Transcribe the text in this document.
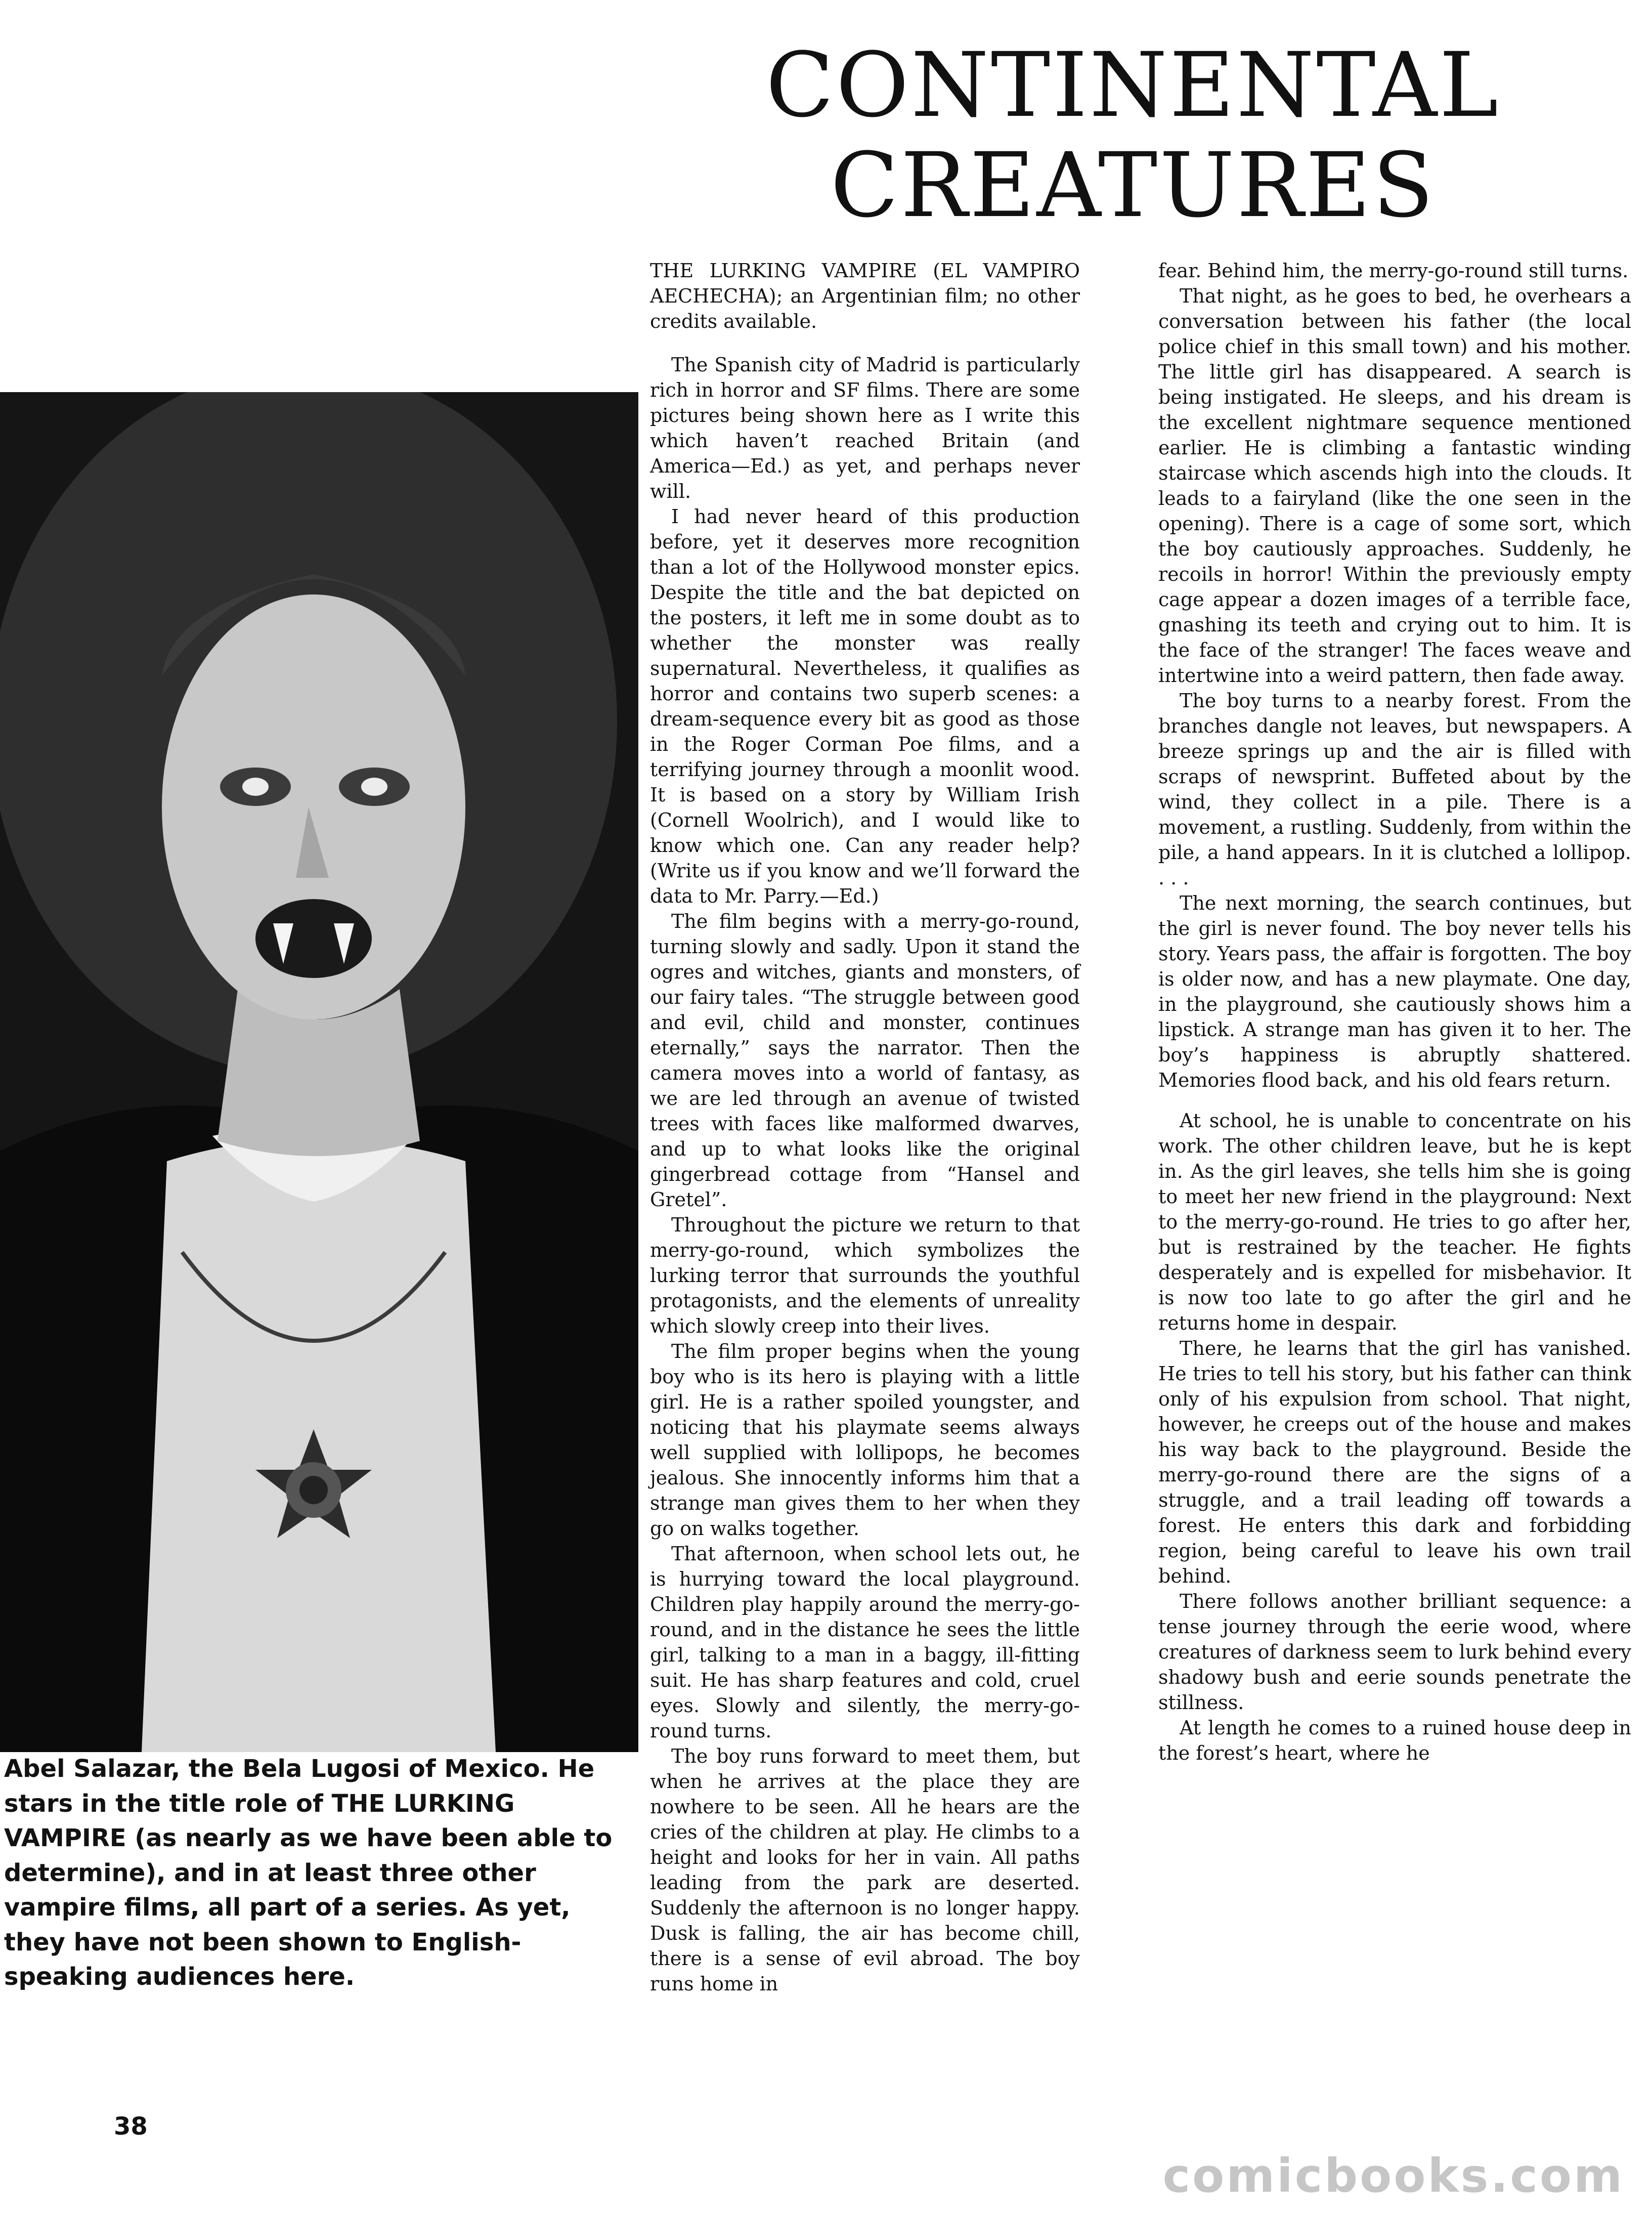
CONTINENTAL
CREATURES

Abel Salazar, the Bela Lugosi of Mexico. He stars in the title role of THE LURKING VAMPIRE (as nearly as we have been able to determine), and in at least three other vampire films, all part of a series. As yet, they have not been shown to English-speaking audiences here.

THE LURKING VAMPIRE (EL VAMPIRO AECHECHA); an Argentinian film; no other credits available.

The Spanish city of Madrid is particularly rich in horror and SF films. There are some pictures being shown here as I write this which haven’t reached Britain (and America—Ed.) as yet, and perhaps never will.

I had never heard of this production before, yet it deserves more recognition than a lot of the Hollywood monster epics. Despite the title and the bat depicted on the posters, it left me in some doubt as to whether the monster was really supernatural. Nevertheless, it qualifies as horror and contains two superb scenes: a dream-sequence every bit as good as those in the Roger Corman Poe films, and a terrifying journey through a moonlit wood. It is based on a story by William Irish (Cornell Woolrich), and I would like to know which one. Can any reader help? (Write us if you know and we’ll forward the data to Mr. Parry.—Ed.)

The film begins with a merry-go-round, turning slowly and sadly. Upon it stand the ogres and witches, giants and monsters, of our fairy tales. “The struggle between good and evil, child and monster, continues eternally,” says the narrator. Then the camera moves into a world of fantasy, as we are led through an avenue of twisted trees with faces like malformed dwarves, and up to what looks like the original gingerbread cottage from “Hansel and Gretel”.

Throughout the picture we return to that merry-go-round, which symbolizes the lurking terror that surrounds the youthful protagonists, and the elements of unreality which slowly creep into their lives.

The film proper begins when the young boy who is its hero is playing with a little girl. He is a rather spoiled youngster, and noticing that his playmate seems always well supplied with lollipops, he becomes jealous. She innocently informs him that a strange man gives them to her when they go on walks together.

That afternoon, when school lets out, he is hurrying toward the local playground. Children play happily around the merry-go-round, and in the distance he sees the little girl, talking to a man in a baggy, ill-fitting suit. He has sharp features and cold, cruel eyes. Slowly and silently, the merry-go-round turns.

The boy runs forward to meet them, but when he arrives at the place they are nowhere to be seen. All he hears are the cries of the children at play. He climbs to a height and looks for her in vain. All paths leading from the park are deserted. Suddenly the afternoon is no longer happy. Dusk is falling, the air has become chill, there is a sense of evil abroad. The boy runs home in

fear. Behind him, the merry-go-round still turns.

That night, as he goes to bed, he overhears a conversation between his father (the local police chief in this small town) and his mother. The little girl has disappeared. A search is being instigated. He sleeps, and his dream is the excellent nightmare sequence mentioned earlier. He is climbing a fantastic winding staircase which ascends high into the clouds. It leads to a fairyland (like the one seen in the opening). There is a cage of some sort, which the boy cautiously approaches. Suddenly, he recoils in horror! Within the previously empty cage appear a dozen images of a terrible face, gnashing its teeth and crying out to him. It is the face of the stranger! The faces weave and intertwine into a weird pattern, then fade away.

The boy turns to a nearby forest. From the branches dangle not leaves, but newspapers. A breeze springs up and the air is filled with scraps of newsprint. Buffeted about by the wind, they collect in a pile. There is a movement, a rustling. Suddenly, from within the pile, a hand appears. In it is clutched a lollipop. . . .

The next morning, the search continues, but the girl is never found. The boy never tells his story. Years pass, the affair is forgotten. The boy is older now, and has a new playmate. One day, in the playground, she cautiously shows him a lipstick. A strange man has given it to her. The boy’s happiness is abruptly shattered. Memories flood back, and his old fears return.

At school, he is unable to concentrate on his work. The other children leave, but he is kept in. As the girl leaves, she tells him she is going to meet her new friend in the playground: Next to the merry-go-round. He tries to go after her, but is restrained by the teacher. He fights desperately and is expelled for misbehavior. It is now too late to go after the girl and he returns home in despair.

There, he learns that the girl has vanished. He tries to tell his story, but his father can think only of his expulsion from school. That night, however, he creeps out of the house and makes his way back to the playground. Beside the merry-go-round there are the signs of a struggle, and a trail leading off towards a forest. He enters this dark and forbidding region, being careful to leave his own trail behind.

There follows another brilliant sequence: a tense journey through the eerie wood, where creatures of darkness seem to lurk behind every shadowy bush and eerie sounds penetrate the stillness.

At length he comes to a ruined house deep in the forest’s heart, where he

38
comicbooks.com
